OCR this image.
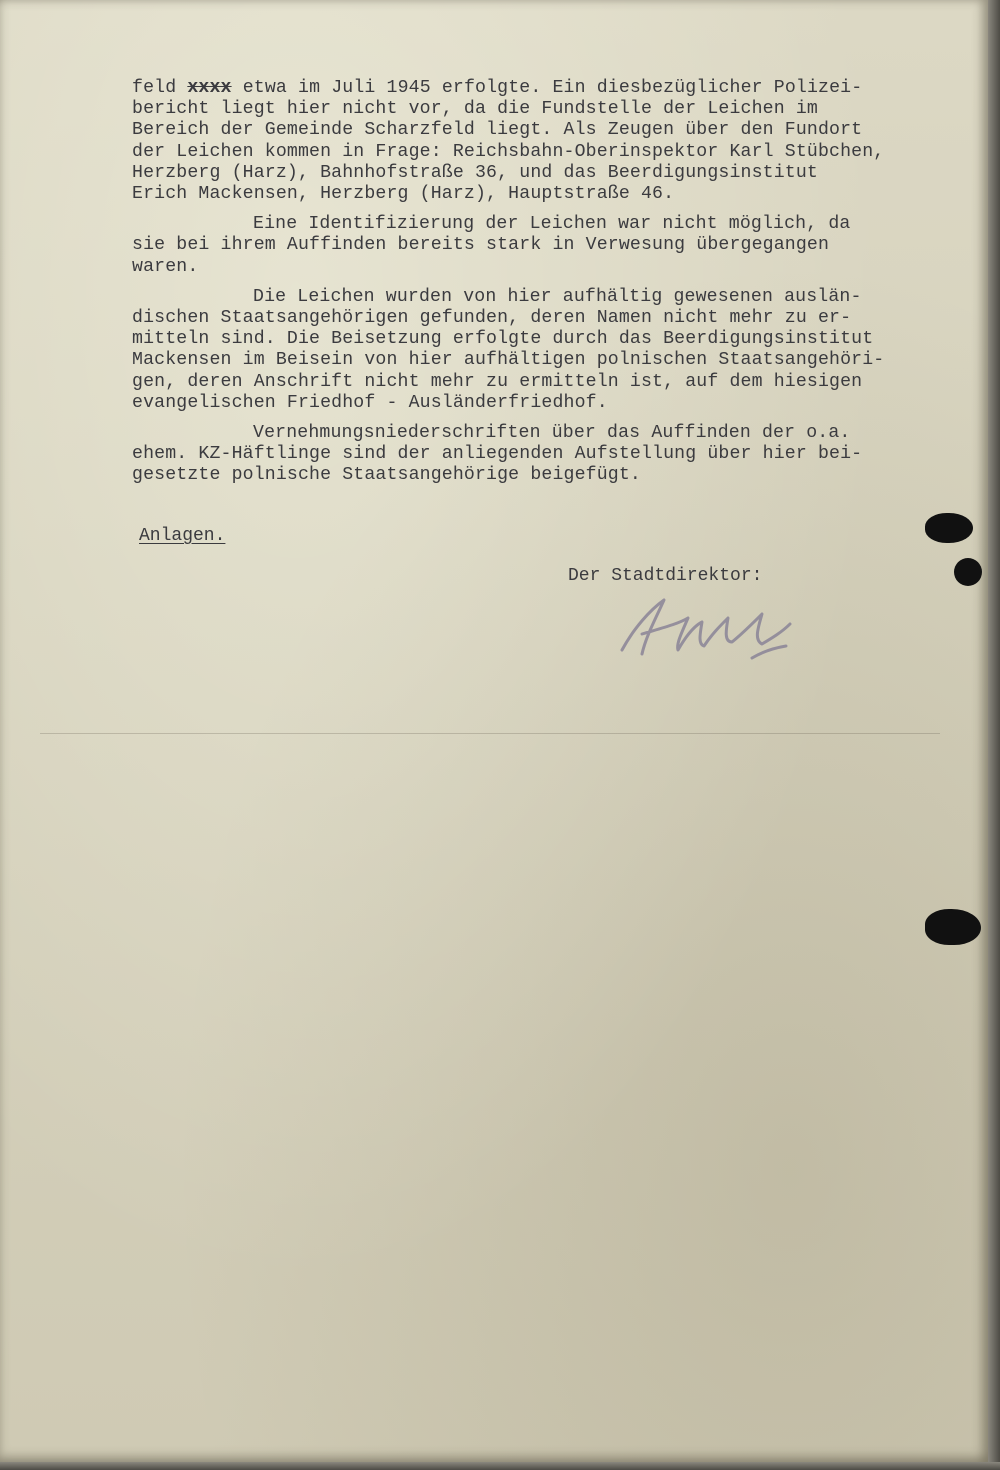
feld xxxx etwa im Juli 1945 erfolgte. Ein diesbezüglicher Polizei-
bericht liegt hier nicht vor, da die Fundstelle der Leichen im
Bereich der Gemeinde Scharzfeld liegt. Als Zeugen über den Fundort
der Leichen kommen in Frage: Reichsbahn-Oberinspektor Karl Stübchen,
Herzberg (Harz), Bahnhofstraße 36, und das Beerdigungsinstitut
Erich Mackensen, Herzberg (Harz), Hauptstraße 46.

Eine Identifizierung der Leichen war nicht möglich, da
sie bei ihrem Auffinden bereits stark in Verwesung übergegangen
waren.

Die Leichen wurden von hier aufhältig gewesenen auslän-
dischen Staatsangehörigen gefunden, deren Namen nicht mehr zu er-
mitteln sind. Die Beisetzung erfolgte durch das Beerdigungsinstitut
Mackensen im Beisein von hier aufhältigen polnischen Staatsangehöri-
gen, deren Anschrift nicht mehr zu ermitteln ist, auf dem hiesigen
evangelischen Friedhof - Ausländerfriedhof.

Vernehmungsniederschriften über das Auffinden der o.a.
ehem. KZ-Häftlinge sind der anliegenden Aufstellung über hier bei-
gesetzte polnische Staatsangehörige beigefügt.

Anlagen.
Der Stadtdirektor:
